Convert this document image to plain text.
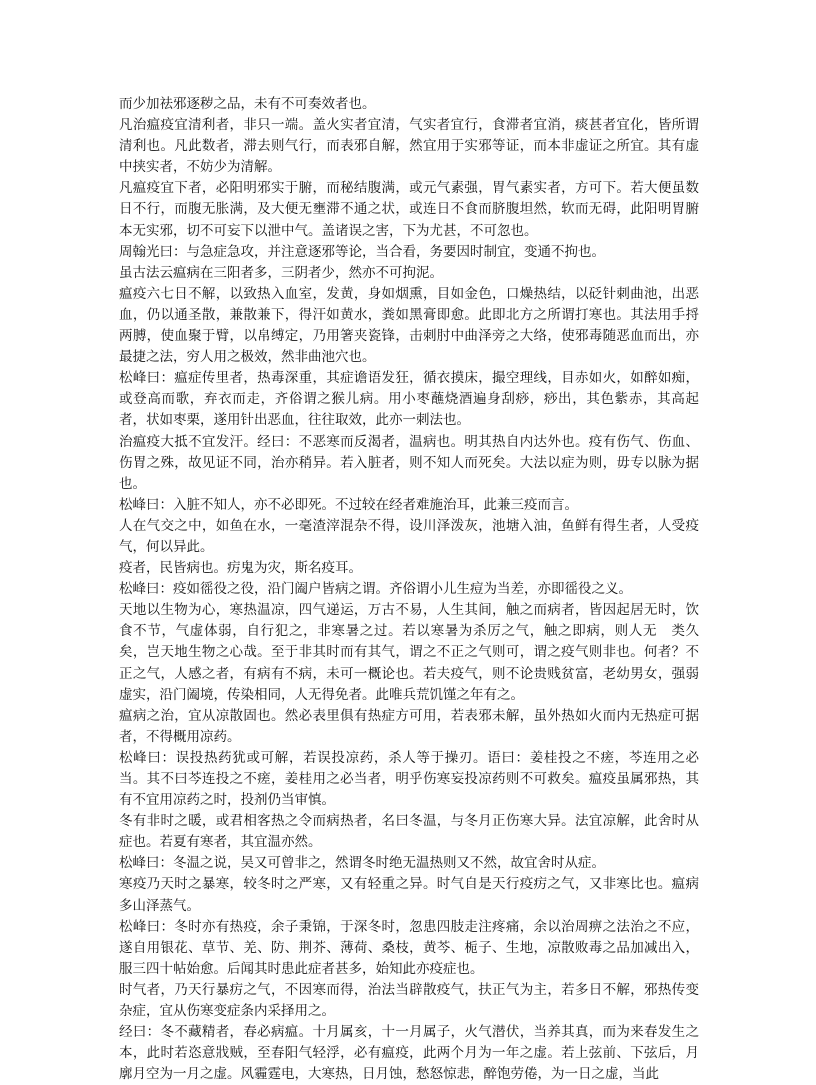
而少加祛邪逐秽之品，未有不可奏效者也。

凡治瘟疫宜清利者，非只一端。盖火实者宜清，气实者宜行，食滞者宜消，痰甚者宜化，皆所谓清利也。凡此数者，滞去则气行，而表邪自解，然宜用于实邪等证，而本非虚证之所宜。其有虚中挟实者，不妨少为清解。

凡瘟疫宜下者，必阳明邪实于腑，而秘结腹满，或元气素强，胃气素实者，方可下。若大便虽数日不行，而腹无胀满，及大便无壅滞不通之状，或连日不食而脐腹坦然，软而无碍，此阳明胃腑本无实邪，切不可妄下以泄中气。盖诸误之害，下为尤甚，不可忽也。

周翰光曰：与急症急攻，并注意逐邪等论，当合看，务要因时制宜，变通不拘也。

虽古法云瘟病在三阳者多，三阴者少，然亦不可拘泥。

瘟疫六七日不解，以致热入血室，发黄，身如烟熏，目如金色，口燥热结，以砭针刺曲池，出恶血，仍以通圣散，兼散兼下，得汗如黄水，粪如黑膏即愈。此即北方之所谓打寒也。其法用手捋两膊，使血聚于臂，以帛缚定，乃用箸夹瓷锋，击刺肘中曲泽旁之大络，使邪毒随恶血而出，亦最捷之法，穷人用之极效，然非曲池穴也。

松峰曰：瘟症传里者，热毒深重，其症谵语发狂，循衣摸床，撮空理线，目赤如火，如醉如痴，或登高而歌，弃衣而走，齐俗谓之猴儿病。用小枣蘸烧酒遍身刮痧，痧出，其色紫赤，其高起者，状如枣栗，遂用针出恶血，往往取效，此亦一刺法也。

治瘟疫大抵不宜发汗。经曰：不恶寒而反渴者，温病也。明其热自内达外也。疫有伤气、伤血、伤胃之殊，故见证不同，治亦稍异。若入脏者，则不知人而死矣。大法以症为则，毋专以脉为据也。

松峰曰：入脏不知人，亦不必即死。不过较在经者难施治耳，此兼三疫而言。

人在气交之中，如鱼在水，一毫渣滓混杂不得，设川泽泼灰，池塘入油，鱼鲜有得生者，人受疫气，何以异此。

疫者，民皆病也。疠鬼为灾，斯名疫耳。

松峰曰：疫如徭役之役，沿门阖户皆病之谓。齐俗谓小儿生痘为当差，亦即徭役之义。

天地以生物为心，寒热温凉，四气递运，万古不易，人生其间，触之而病者，皆因起居无时，饮食不节，气虚体弱，自行犯之，非寒暑之过。若以寒暑为杀厉之气，触之即病，则人无　类久矣，岂天地生物之心哉。至于非其时而有其气，谓之不正之气则可，谓之疫气则非也。何者？不正之气，人感之者，有病有不病，未可一概论也。若夫疫气，则不论贵贱贫富，老幼男女，强弱虚实，沿门阖境，传染相同，人无得免者。此唯兵荒饥馑之年有之。

瘟病之治，宜从凉散固也。然必表里俱有热症方可用，若表邪未解，虽外热如火而内无热症可据者，不得概用凉药。

松峰曰：误投热药犹或可解，若误投凉药，杀人等于操刃。语曰：姜桂投之不瘥，芩连用之必当。其不曰芩连投之不瘥，姜桂用之必当者，明乎伤寒妄投凉药则不可救矣。瘟疫虽属邪热，其有不宜用凉药之时，投剂仍当审慎。

冬有非时之暖，或君相客热之令而病热者，名曰冬温，与冬月正伤寒大异。法宜凉解，此舍时从症也。若夏有寒者，其宜温亦然。

松峰曰：冬温之说，吴又可曾非之，然谓冬时绝无温热则又不然，故宜舍时从症。

寒疫乃天时之暴寒，较冬时之严寒，又有轻重之异。时气自是天行疫疠之气，又非寒比也。瘟病多山泽蒸气。

松峰曰：冬时亦有热疫，余子秉锦，于深冬时，忽患四肢走注疼痛，余以治周痹之法治之不应，遂自用银花、草节、羌、防、荆芥、薄荷、桑枝，黄芩、栀子、生地，凉散败毒之品加减出入，服三四十帖始愈。后闻其时患此症者甚多，始知此亦疫症也。

时气者，乃天行暴疠之气，不因寒而得，治法当辟散疫气，扶正气为主，若多日不解，邪热传变杂症，宜从伤寒变症条内采择用之。

经曰：冬不藏精者，春必病瘟。十月属亥，十一月属子，火气潜伏，当养其真，而为来春发生之本，此时若恣意戕贼，至春阳气轻浮，必有瘟疫，此两个月为一年之虚。若上弦前、下弦后，月廓月空为一月之虚。风霾霆电，大寒热，日月蚀，愁怒惊悲，醉饱劳倦，为一日之虚，当此
